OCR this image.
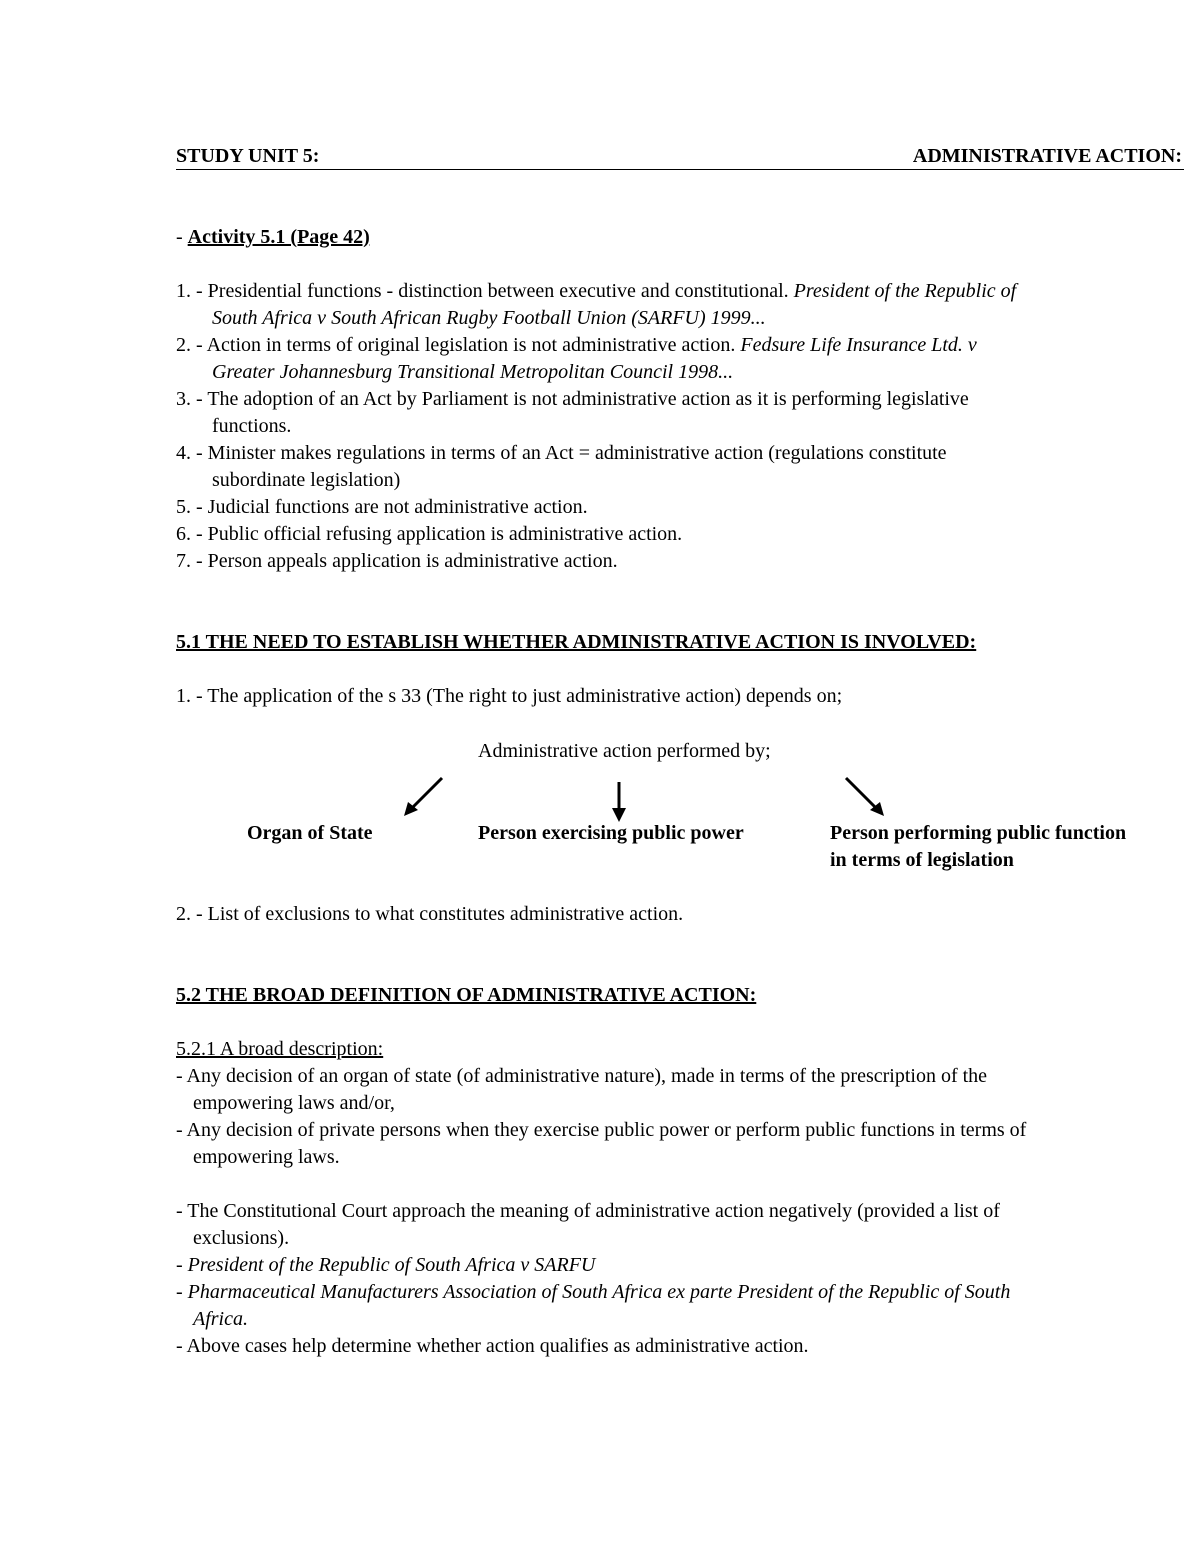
STUDY UNIT 5:	ADMINISTRATIVE ACTION:
- Activity 5.1 (Page 42)
1. - Presidential functions - distinction between executive and constitutional. President of the Republic of
South Africa v South African Rugby Football Union (SARFU) 1999...
2. - Action in terms of original legislation is not administrative action. Fedsure Life Insurance Ltd. v
Greater Johannesburg Transitional Metropolitan Council 1998...
3. - The adoption of an Act by Parliament is not administrative action as it is performing legislative
functions.
4. - Minister makes regulations in terms of an Act = administrative action (regulations constitute
subordinate legislation)
5. - Judicial functions are not administrative action.
6. - Public official refusing application is administrative action.
7. - Person appeals application is administrative action.
5.1 THE NEED TO ESTABLISH WHETHER ADMINISTRATIVE ACTION IS INVOLVED:
1. - The application of the s 33 (The right to just administrative action) depends on;
Administrative action performed by;
Organ of State	Person exercising public power	Person performing public function
in terms of legislation
2. - List of exclusions to what constitutes administrative action.
5.2 THE BROAD DEFINITION OF ADMINISTRATIVE ACTION:
5.2.1 A broad description:
- Any decision of an organ of state (of administrative nature), made in terms of the prescription of the
empowering laws and/or,
- Any decision of private persons when they exercise public power or perform public functions in terms of
empowering laws.
- The Constitutional Court approach the meaning of administrative action negatively (provided a list of
exclusions).
- President of the Republic of South Africa v SARFU
- Pharmaceutical Manufacturers Association of South Africa ex parte President of the Republic of South
Africa.
- Above cases help determine whether action qualifies as administrative action.
